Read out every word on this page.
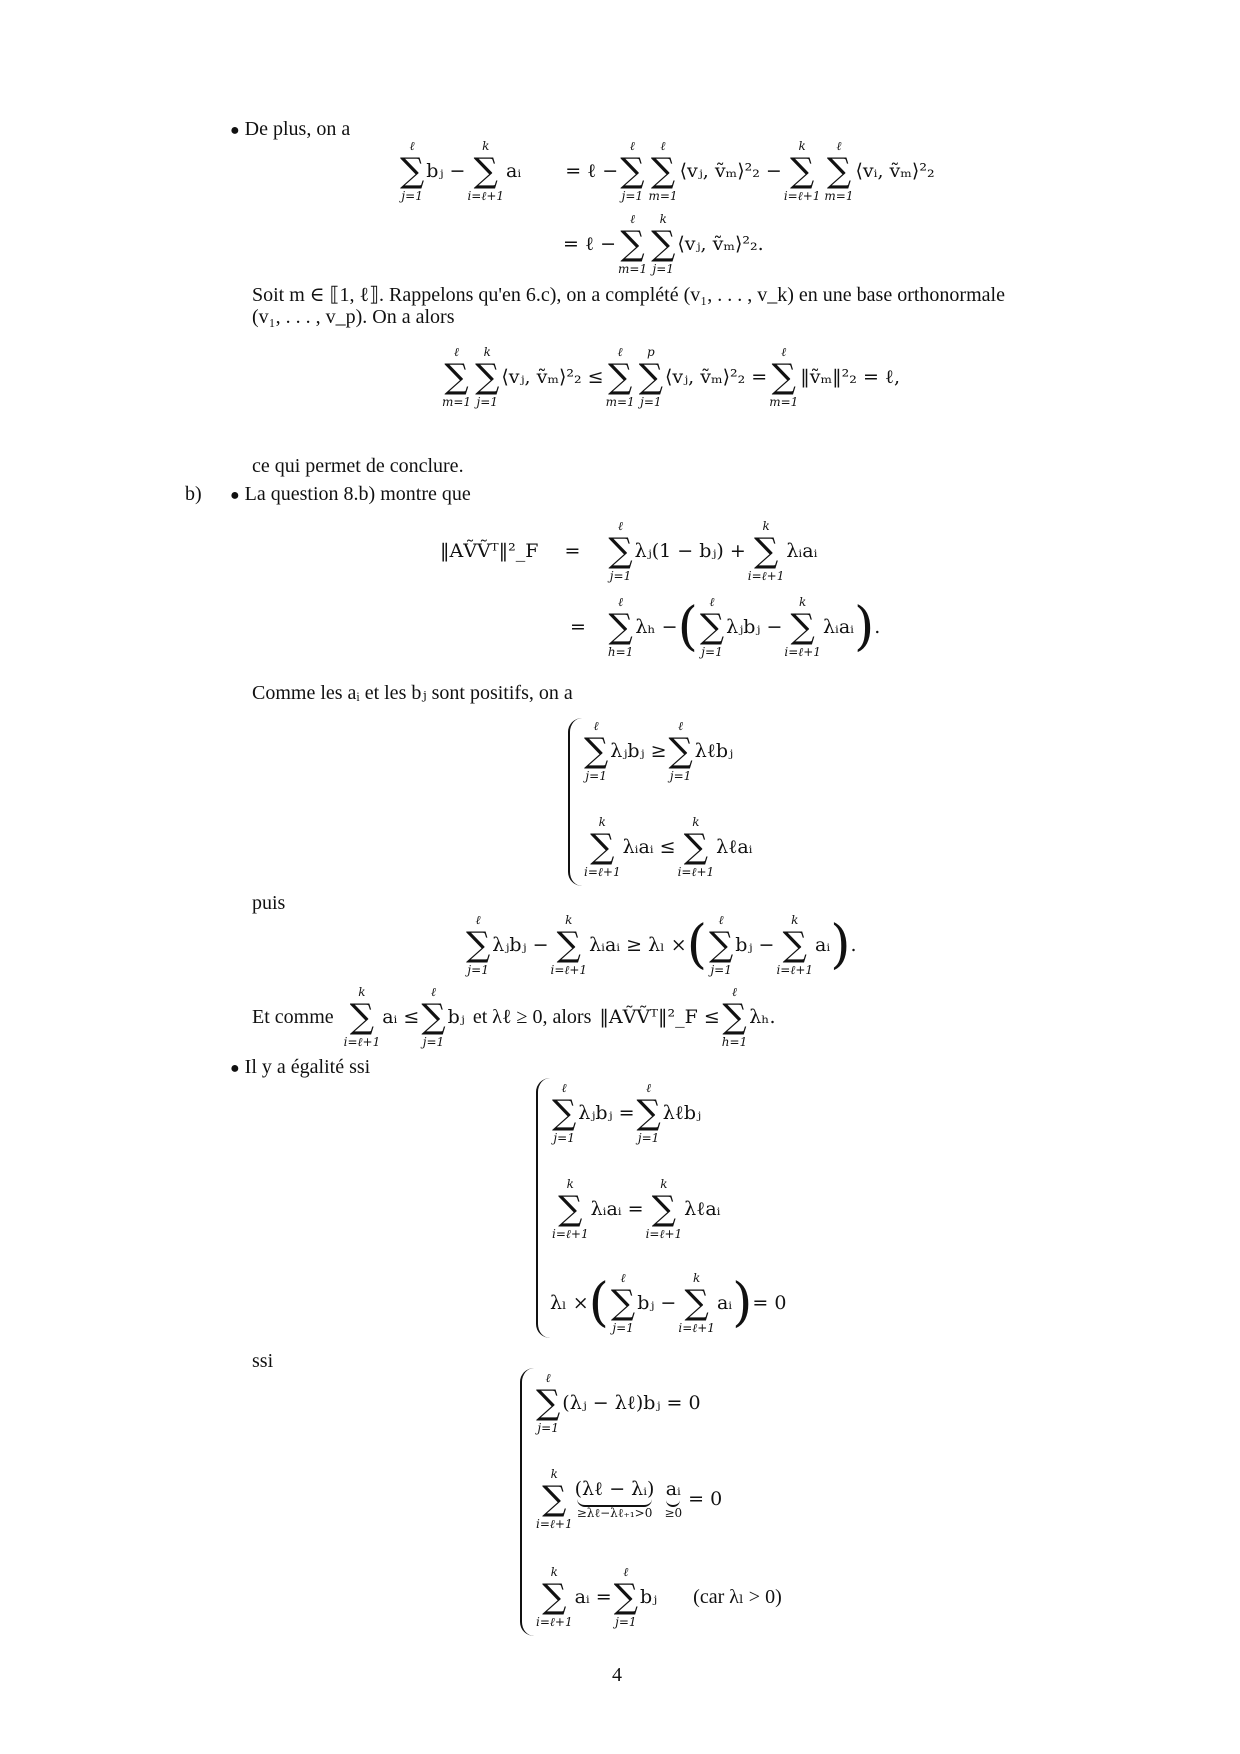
● De plus, on a
ℓ
∑
j=1
bⱼ −
k
∑
i=ℓ+1
aᵢ = ℓ −
ℓ
∑
j=1
ℓ
∑
m=1
⟨vⱼ, ṽₘ⟩²₂ −
k
∑
i=ℓ+1
ℓ
∑
m=1
⟨vᵢ, ṽₘ⟩²₂
= ℓ −
ℓ
∑
m=1
k
∑
j=1
⟨vⱼ, ṽₘ⟩²₂.
Soit m ∈ ⟦1, ℓ⟧. Rappelons qu'en 6.c), on a complété (v₁, . . . , v_k) en une base orthonormale
(v₁, . . . , v_p). On a alors
ℓ
∑
m=1
k
∑
j=1
⟨vⱼ, ṽₘ⟩²₂ ≤
ℓ
∑
m=1
p
∑
j=1
⟨vⱼ, ṽₘ⟩²₂ =
ℓ
∑
m=1
‖ṽₘ‖²₂ = ℓ,
ce qui permet de conclure.
b) ● La question 8.b) montre que
‖AṼṼᵀ‖²_F =
ℓ
∑
j=1
λⱼ(1 − bⱼ) +
k
∑
i=ℓ+1
λᵢaᵢ
=
ℓ
∑
h=1
λₕ − ( ℓ
∑
j=1
λⱼbⱼ −
k
∑
i=ℓ+1
λᵢaᵢ ) .
Comme les aᵢ et les bⱼ sont positifs, on a
ℓ
∑
j=1
λⱼbⱼ ≥
ℓ
∑
j=1
λℓbⱼ
k
∑
i=ℓ+1
λᵢaᵢ ≤
k
∑
i=ℓ+1
λℓaᵢ
puis
ℓ
∑
j=1
λⱼbⱼ −
k
∑
i=ℓ+1
λᵢaᵢ ≥ λₗ × ( ℓ
∑
j=1
bⱼ −
k
∑
i=ℓ+1
aᵢ ) .
Et comme
k
∑
i=ℓ+1
aᵢ ≤
ℓ
∑
j=1
bⱼ et λℓ ≥ 0, alors ‖AṼṼᵀ‖²_F ≤
ℓ
∑
h=1
λₕ.
● Il y a égalité ssi
ℓ
∑
j=1
λⱼbⱼ =
ℓ
∑
j=1
λℓbⱼ
k
∑
i=ℓ+1
λᵢaᵢ =
k
∑
i=ℓ+1
λℓaᵢ
λₗ × ( ℓ
∑
j=1
bⱼ −
k
∑
i=ℓ+1
aᵢ ) = 0
ssi
ℓ
∑
j=1
(λⱼ − λℓ)bⱼ = 0
k
∑
i=ℓ+1
(λℓ − λᵢ)
≥λℓ−λℓ₊₁>0
aᵢ
≥0
= 0
k
∑
i=ℓ+1
aᵢ =
ℓ
∑
j=1
bⱼ (car λₗ > 0)
4
